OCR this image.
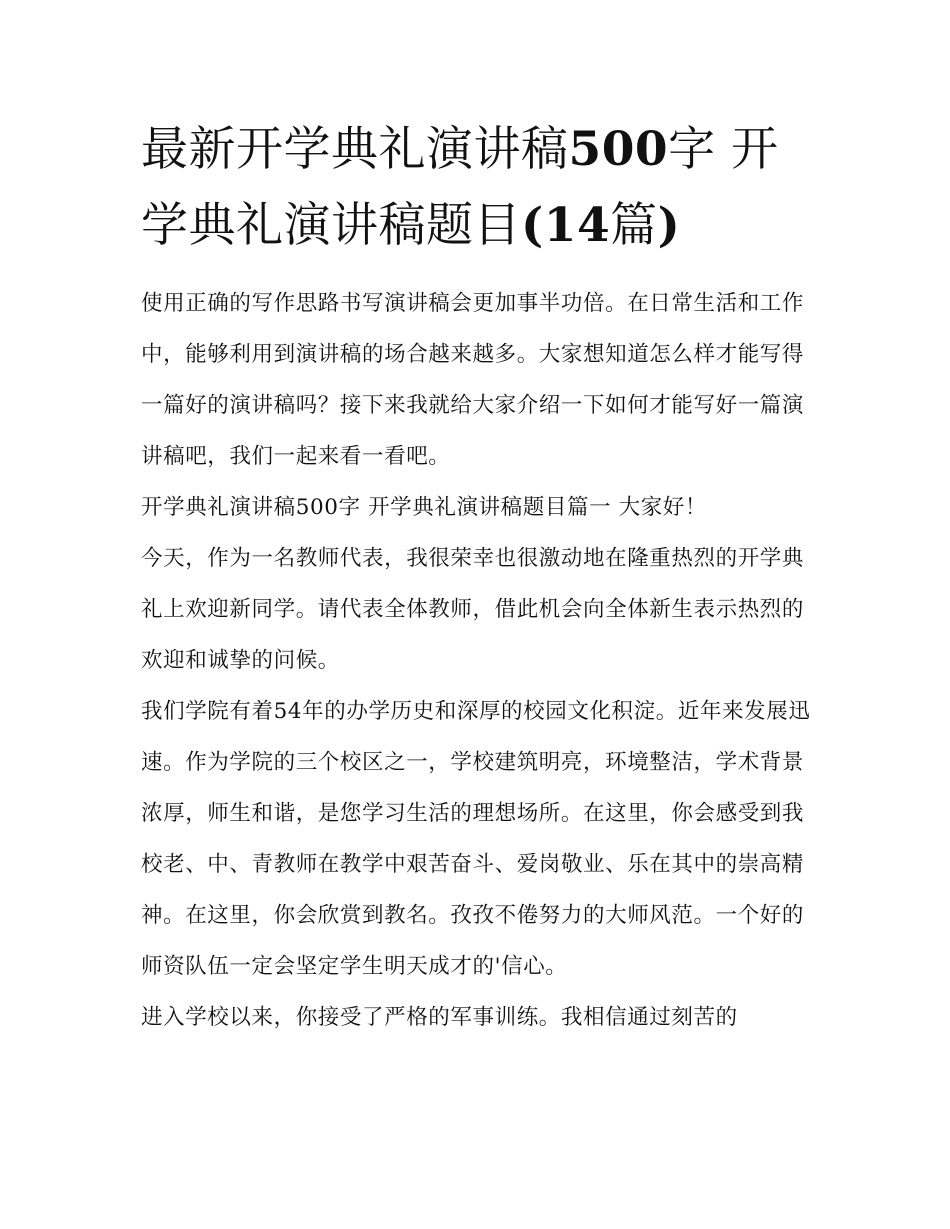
最新开学典礼演讲稿500字 开学典礼演讲稿题目(14篇)

使用正确的写作思路书写演讲稿会更加事半功倍。在日常生活和工作中，能够利用到演讲稿的场合越来越多。大家想知道怎么样才能写得一篇好的演讲稿吗？接下来我就给大家介绍一下如何才能写好一篇演讲稿吧，我们一起来看一看吧。

开学典礼演讲稿500字 开学典礼演讲稿题目篇一 大家好！

今天，作为一名教师代表，我很荣幸也很激动地在隆重热烈的开学典礼上欢迎新同学。请代表全体教师，借此机会向全体新生表示热烈的欢迎和诚挚的问候。

我们学院有着54年的办学历史和深厚的校园文化积淀。近年来发展迅速。作为学院的三个校区之一，学校建筑明亮，环境整洁，学术背景浓厚，师生和谐，是您学习生活的理想场所。在这里，你会感受到我校老、中、青教师在教学中艰苦奋斗、爱岗敬业、乐在其中的崇高精神。在这里，你会欣赏到教名。孜孜不倦努力的大师风范。一个好的师资队伍一定会坚定学生明天成才的'信心。

进入学校以来，你接受了严格的军事训练。我相信通过刻苦的
